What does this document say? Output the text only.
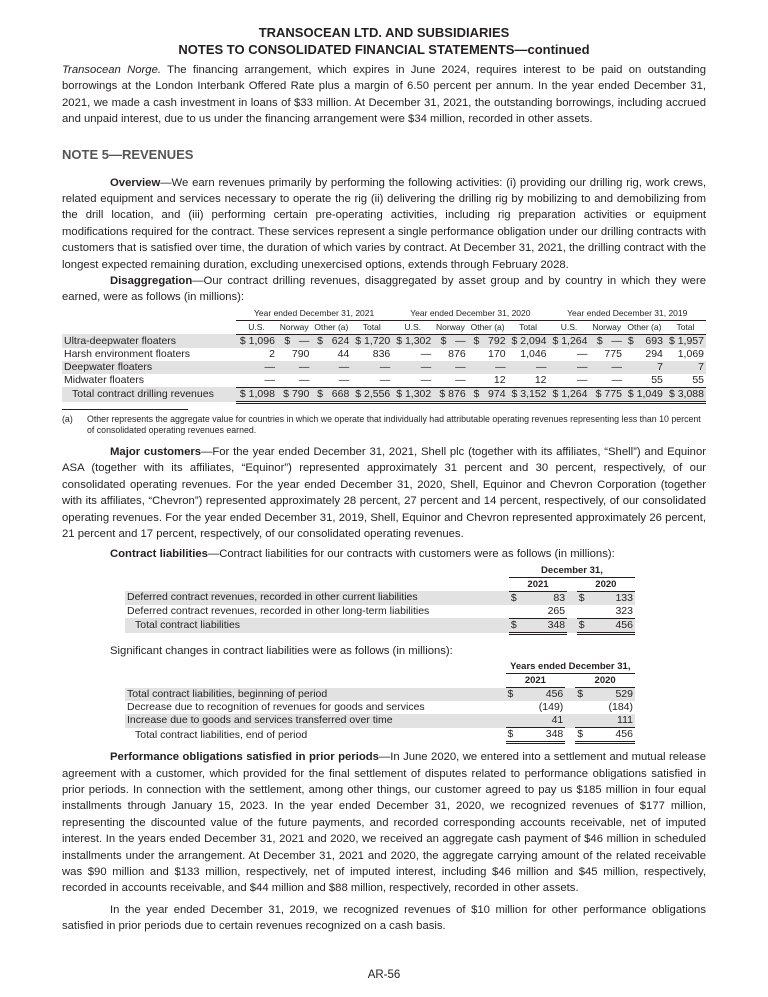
TRANSOCEAN LTD. AND SUBSIDIARIES
NOTES TO CONSOLIDATED FINANCIAL STATEMENTS—continued
Transocean Norge. The financing arrangement, which expires in June 2024, requires interest to be paid on outstanding borrowings at the London Interbank Offered Rate plus a margin of 6.50 percent per annum. In the year ended December 31, 2021, we made a cash investment in loans of $33 million. At December 31, 2021, the outstanding borrowings, including accrued and unpaid interest, due to us under the financing arrangement were $34 million, recorded in other assets.
NOTE 5—REVENUES
Overview—We earn revenues primarily by performing the following activities: (i) providing our drilling rig, work crews, related equipment and services necessary to operate the rig (ii) delivering the drilling rig by mobilizing to and demobilizing from the drill location, and (iii) performing certain pre-operating activities, including rig preparation activities or equipment modifications required for the contract. These services represent a single performance obligation under our drilling contracts with customers that is satisfied over time, the duration of which varies by contract. At December 31, 2021, the drilling contract with the longest expected remaining duration, excluding unexercised options, extends through February 2028.
Disaggregation—Our contract drilling revenues, disaggregated by asset group and by country in which they were earned, were as follows (in millions):
	Year ended December 31, 2021				Year ended December 31, 2020				Year ended December 31, 2019			
	U.S.	Norway	Other (a)	Total	U.S.	Norway	Other (a)	Total	U.S.	Norway	Other (a)	Total
Ultra-deepwater floaters	$ 1,096	$   —	$   624	$ 1,720	$ 1,302	$   —	$   792	$ 2,094	$ 1,264	$   —	$    693	$ 1,957
Harsh environment floaters	2	790	44	836	—	876	170	1,046	—	775	294	1,069
Deepwater floaters	—	—	—	—	—	—	—	—	—	—	7	7
Midwater floaters	—	—	—	—	—	—	12	12	—	—	55	55
Total contract drilling revenues	$ 1,098	$ 790	$   668	$ 2,556	$ 1,302	$ 876	$   974	$ 3,152	$ 1,264	$ 775	$ 1,049	$ 3,088
(a)	Other represents the aggregate value for countries in which we operate that individually had attributable operating revenues representing less than 10 percent of consolidated operating revenues earned.
Major customers—For the year ended December 31, 2021, Shell plc (together with its affiliates, “Shell”) and Equinor ASA (together with its affiliates, “Equinor”) represented approximately 31 percent and 30 percent, respectively, of our consolidated operating revenues. For the year ended December 31, 2020, Shell, Equinor and Chevron Corporation (together with its affiliates, “Chevron”) represented approximately 28 percent, 27 percent and 14 percent, respectively, of our consolidated operating revenues. For the year ended December 31, 2019, Shell, Equinor and Chevron represented approximately 26 percent, 21 percent and 17 percent, respectively, of our consolidated operating revenues.
Contract liabilities—Contract liabilities for our contracts with customers were as follows (in millions):
	December 31,				
	2021			2020	
Deferred contract revenues, recorded in other current liabilities	$	83		$	133
Deferred contract revenues, recorded in other long-term liabilities		265			323
Total contract liabilities	$	348		$	456
Significant changes in contract liabilities were as follows (in millions):
	Years ended December 31,				
	2021			2020	
Total contract liabilities, beginning of period	$	456		$	529
Decrease due to recognition of revenues for goods and services		(149)			(184)
Increase due to goods and services transferred over time		41			111
Total contract liabilities, end of period	$	348		$	456
Performance obligations satisfied in prior periods—In June 2020, we entered into a settlement and mutual release agreement with a customer, which provided for the final settlement of disputes related to performance obligations satisfied in prior periods. In connection with the settlement, among other things, our customer agreed to pay us $185 million in four equal installments through January 15, 2023. In the year ended December 31, 2020, we recognized revenues of $177 million, representing the discounted value of the future payments, and recorded corresponding accounts receivable, net of imputed interest. In the years ended December 31, 2021 and 2020, we received an aggregate cash payment of $46 million in scheduled installments under the arrangement. At December 31, 2021 and 2020, the aggregate carrying amount of the related receivable was $90 million and $133 million, respectively, net of imputed interest, including $46 million and $45 million, respectively, recorded in accounts receivable, and $44 million and $88 million, respectively, recorded in other assets.
In the year ended December 31, 2019, we recognized revenues of $10 million for other performance obligations satisfied in prior periods due to certain revenues recognized on a cash basis.
AR-56
